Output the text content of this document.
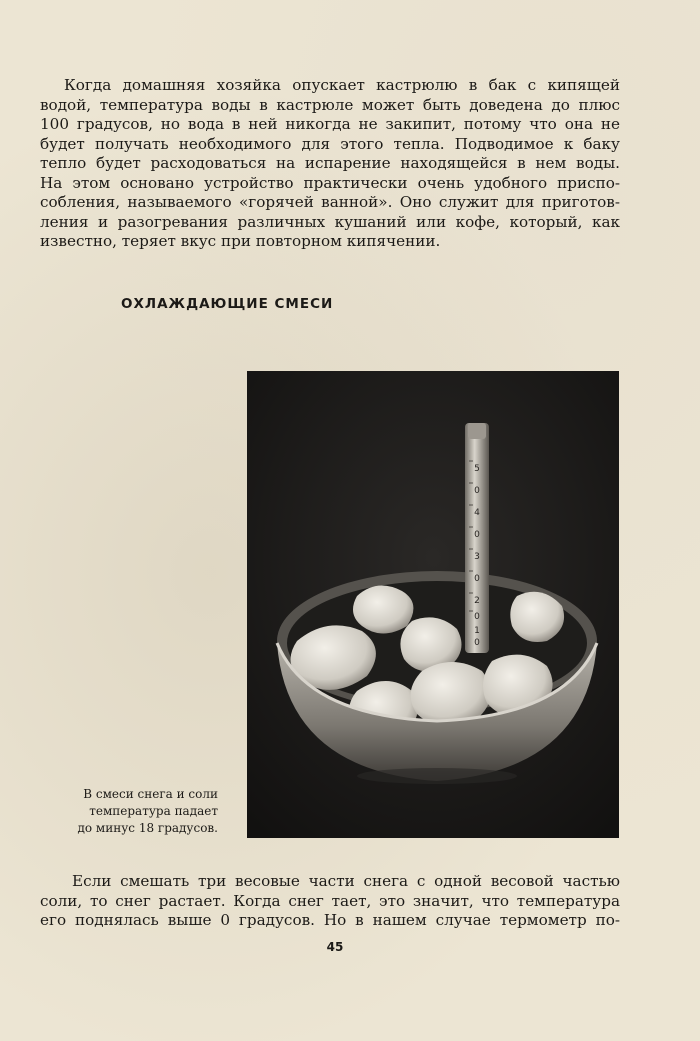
Когда домашняя хозяйка опускает кастрюлю в бак с кипящей
водой, температура воды в кастрюле может быть доведена до плюс
100 градусов, но вода в ней никогда не закипит, потому что она не
будет получать необходимого для этого тепла. Подводимое к баку
тепло будет расходоваться на испарение находящейся в нем воды.
На этом основано устройство практически очень удобного приспо-
собления, называемого «горячей ванной». Оно служит для приготов-
ления и разогревания различных кушаний или кофе, который, как
известно, теряет вкус при повторном кипячении.
ОХЛАЖДАЮЩИЕ СМЕСИ
5
0
4
0
3
0
2
0
1
0
В смеси снега и соли
температура падает
до минус 18 градусов.
Если смешать три весовые части снега с одной весовой частью
соли, то снег растает. Когда снег тает, это значит, что температура
его поднялась выше 0 градусов. Но в нашем случае термометр по-
45
